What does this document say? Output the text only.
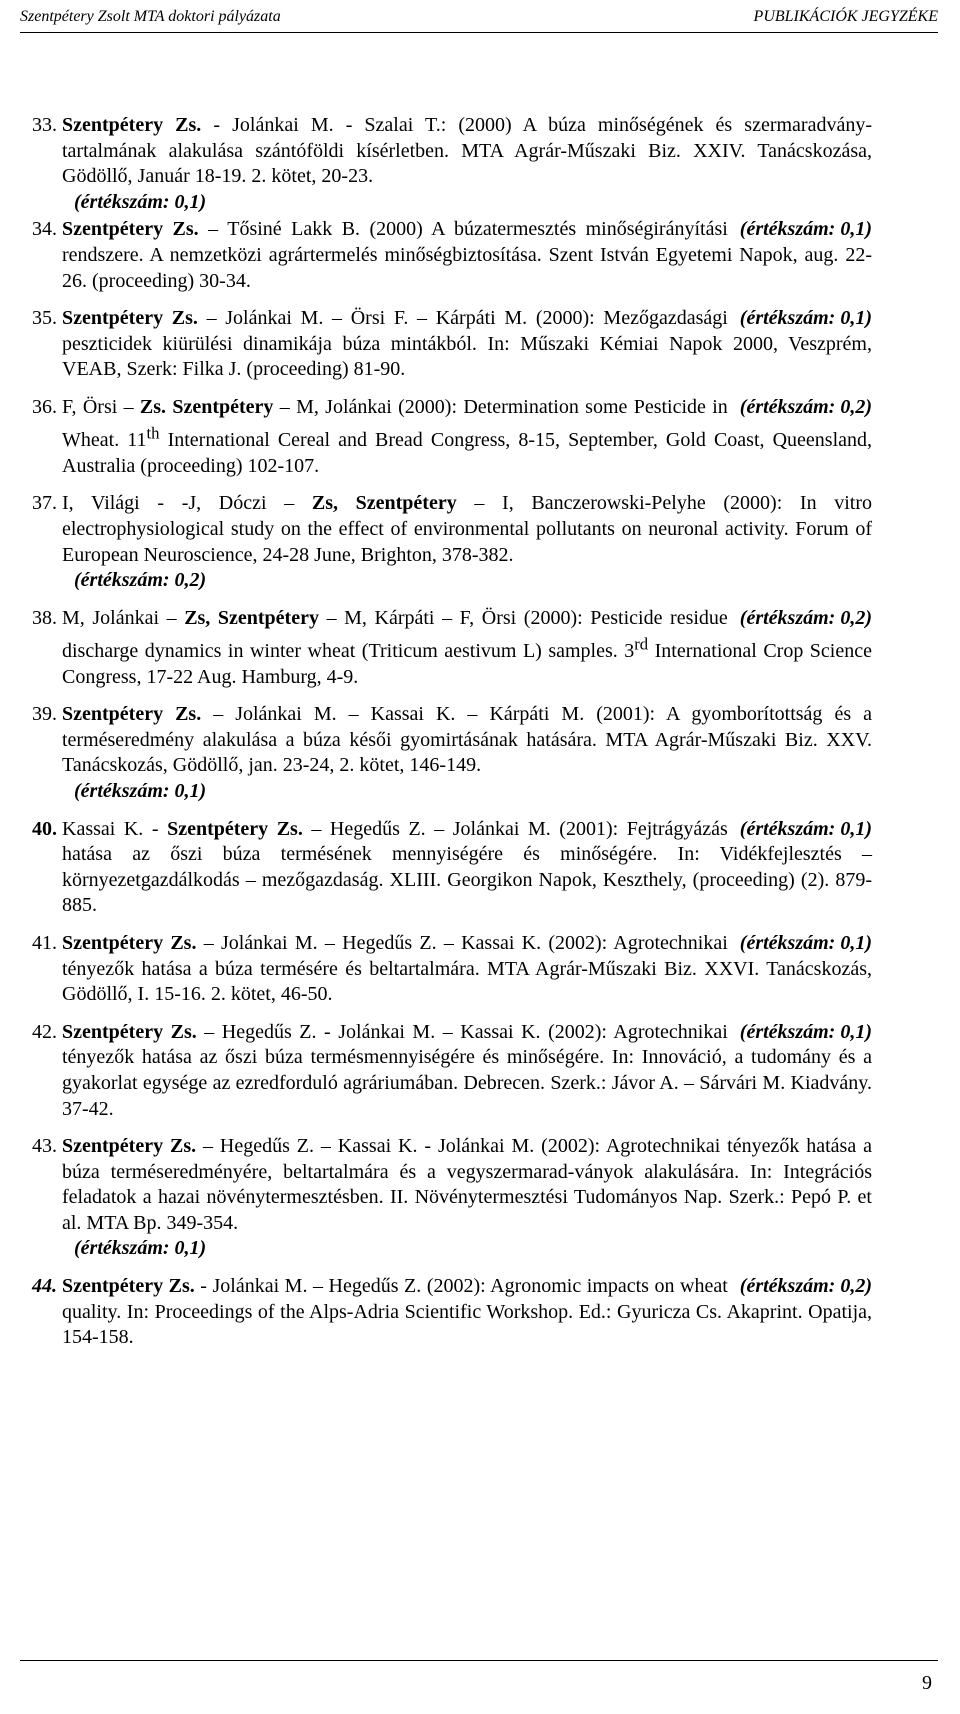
Szentpétery Zsolt MTA doktori pályázata	PUBLIKÁCIÓK JEGYZÉKE
33. Szentpétery Zs. - Jolánkai M. - Szalai T.: (2000) A búza minőségének és szermaradvány-tartalmának alakulása szántóföldi kísérletben. MTA Agrár-Műszaki Biz. XXIV. Tanácskozása, Gödöllő, Január 18-19. 2. kötet, 20-23.
(értékszám: 0,1)
34.	(értékszám: 0,1)
Szentpétery Zs. – Tősiné Lakk B. (2000) A búzatermesztés minőségirányítási rendszere. A nemzetközi agrártermelés minőségbiztosítása. Szent István Egyetemi Napok, aug. 22-26. (proceeding) 30-34.
35.	(értékszám: 0,1)
Szentpétery Zs. – Jolánkai M. – Örsi F. – Kárpáti M. (2000): Mezőgazdasági peszticidek kiürülési dinamikája búza mintákból. In: Műszaki Kémiai Napok 2000, Veszprém, VEAB, Szerk: Filka J. (proceeding) 81-90.
36.	(értékszám: 0,2)
F, Örsi – Zs. Szentpétery – M, Jolánkai (2000): Determination some Pesticide in Wheat. 11th International Cereal and Bread Congress, 8-15, September, Gold Coast, Queensland, Australia (proceeding) 102-107.
37. I, Világi - -J, Dóczi – Zs, Szentpétery – I, Banczerowski-Pelyhe (2000): In vitro electrophysiological study on the effect of environmental pollutants on neuronal activity. Forum of European Neuroscience, 24-28 June, Brighton, 378-382.
(értékszám: 0,2)
38.	(értékszám: 0,2)
M, Jolánkai – Zs, Szentpétery – M, Kárpáti – F, Örsi (2000): Pesticide residue discharge dynamics in winter wheat (Triticum aestivum L) samples. 3rd International Crop Science Congress, 17-22 Aug. Hamburg, 4-9.
39. Szentpétery Zs. – Jolánkai M. – Kassai K. – Kárpáti M. (2001): A gyomborítottság és a terméseredmény alakulása a búza késői gyomirtásának hatására. MTA Agrár-Műszaki Biz. XXV. Tanácskozás, Gödöllő, jan. 23-24, 2. kötet, 146-149.
(értékszám: 0,1)
40.	(értékszám: 0,1)
Kassai K. - Szentpétery Zs. – Hegedűs Z. – Jolánkai M. (2001): Fejtrágyázás hatása az őszi búza termésének mennyiségére és minőségére. In: Vidékfejlesztés – környezetgazdálkodás – mezőgazdaság. XLIII. Georgikon Napok, Keszthely, (proceeding) (2). 879-885.
41.	(értékszám: 0,1)
Szentpétery Zs. – Jolánkai M. – Hegedűs Z. – Kassai K. (2002): Agrotechnikai tényezők hatása a búza termésére és beltartalmára. MTA Agrár-Műszaki Biz. XXVI. Tanácskozás, Gödöllő, I. 15-16. 2. kötet, 46-50.
42.	(értékszám: 0,1)
Szentpétery Zs. – Hegedűs Z. - Jolánkai M. – Kassai K. (2002): Agrotechnikai tényezők hatása az őszi búza termésmennyiségére és minőségére. In: Innováció, a tudomány és a gyakorlat egysége az ezredforduló agráriumában. Debrecen. Szerk.: Jávor A. – Sárvári M. Kiadvány. 37-42.
43. Szentpétery Zs. – Hegedűs Z. – Kassai K. - Jolánkai M. (2002): Agrotechnikai tényezők hatása a búza terméseredményére, beltartalmára és a vegyszermarad-ványok alakulására. In: Integrációs feladatok a hazai növénytermesztésben. II. Növénytermesztési Tudományos Nap. Szerk.: Pepó P. et al. MTA Bp. 349-354.
(értékszám: 0,1)
44.	(értékszám: 0,2)
Szentpétery Zs. - Jolánkai M. – Hegedűs Z. (2002): Agronomic impacts on wheat quality. In: Proceedings of the Alps-Adria Scientific Workshop. Ed.: Gyuricza Cs. Akaprint. Opatija, 154-158.
9
